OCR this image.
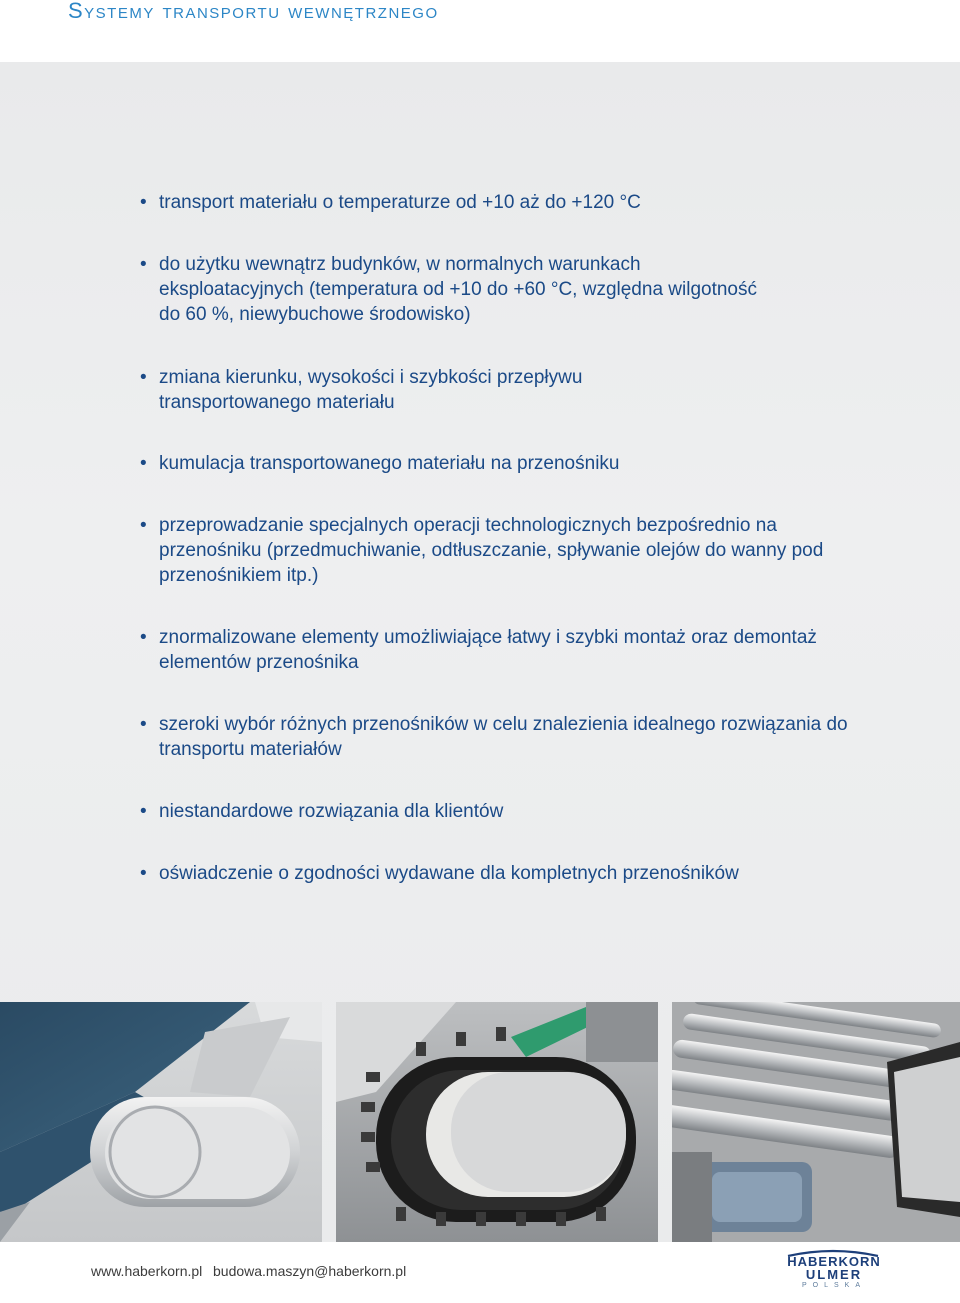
Systemy transportu wewnętrznego
• transport materiału o temperaturze od +10 aż do +120 °C
• do użytku wewnątrz budynków, w normalnych warunkach eksploatacyjnych (temperatura od +10 do +60 °C, względna wilgotność do 60 %, niewybuchowe środowisko)
• zmiana kierunku, wysokości i szybkości przepływu transportowanego materiału
• kumulacja transportowanego materiału na przenośniku
• przeprowadzanie specjalnych operacji technologicznych bezpośrednio na przenośniku (przedmuchiwanie, odtłuszczanie, spływanie olejów do wanny pod przenośnikiem itp.)
• znormalizowane elementy umożliwiające łatwy i szybki montaż oraz demontaż elementów przenośnika
• szeroki wybór różnych przenośników w celu znalezienia idealnego rozwiązania do transportu materiałów
• niestandardowe rozwiązania dla klientów
• oświadczenie o zgodności wydawane dla kompletnych przenośników
www.haberkorn.pl budowa.maszyn@haberkorn.pl
HABERKORN
ULMER
POLSKA
